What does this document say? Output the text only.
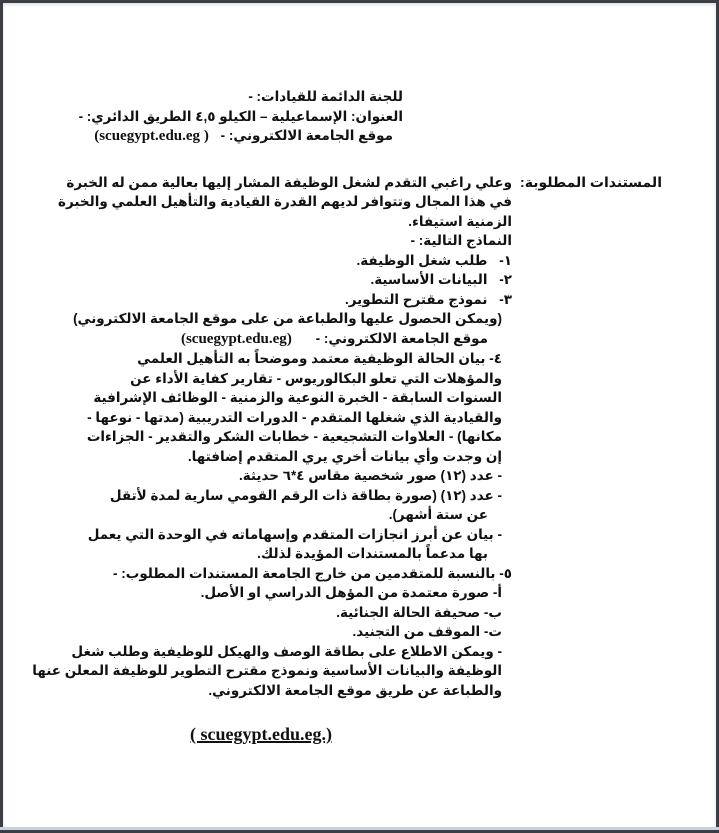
للجنة الدائمة للقيادات: -
العنوان: الإسماعيلية – الكيلو ٤,٥ الطريق الدائري: -
موقع الجامعة الالكتروني: - ( scuegypt.edu.eg)
المستندات المطلوبة:
وعلي راغبي التقدم لشغل الوظيفة المشار إليها بعالية ممن له الخبرة
في هذا المجال وتتوافر لديهم القدرة القيادية والتأهيل العلمي والخبرة
الزمنية استيفاء.
النماذج التالية: -
١- طلب شغل الوظيفة.
٢- البيانات الأساسية.
٣- نموذج مقترح التطوير.
(ويمكن الحصول عليها والطباعة من على موقع الجامعة الالكتروني)
موقع الجامعة الالكتروني: - (scuegypt.edu.eg)
٤- بيان الحالة الوظيفية معتمد وموضحاً به التأهيل العلمي
والمؤهلات التي تعلو البكالوريوس - تقارير كفاية الأداء عن
السنوات السابقة - الخبرة النوعية والزمنية - الوظائف الإشرافية
والقيادية الذي شغلها المتقدم - الدورات التدريبية (مدتها - نوعها -
مكانها) - العلاوات التشجيعية - خطابات الشكر والتقدير - الجزاءات
إن وجدت وأي بيانات أخري يري المتقدم إضافتها.
- عدد (١٢) صور شخصية مقاس ٤*٦ حديثة.
- عدد (١٢) (صورة بطاقة ذات الرقم القومي سارية لمدة لأتقل
عن ستة أشهر).
- بيان عن أبرز انجازات المتقدم وإسهاماته في الوحدة التي يعمل
بها مدعماً بالمستندات المؤيدة لذلك.
٥- بالنسبة للمتقدمين من خارج الجامعة المستندات المطلوب: -
أ- صورة معتمدة من المؤهل الدراسي او الأصل.
ب- صحيفة الحالة الجنائية.
ت- الموقف من التجنيد.
- ويمكن الاطلاع على بطاقة الوصف والهيكل للوظيفية وطلب شغل
الوظيفة والبيانات الأساسية ونموذج مقترح التطوير للوظيفة المعلن عنها
والطباعة عن طريق موقع الجامعة الالكتروني.
( scuegypt.edu.eg.)
